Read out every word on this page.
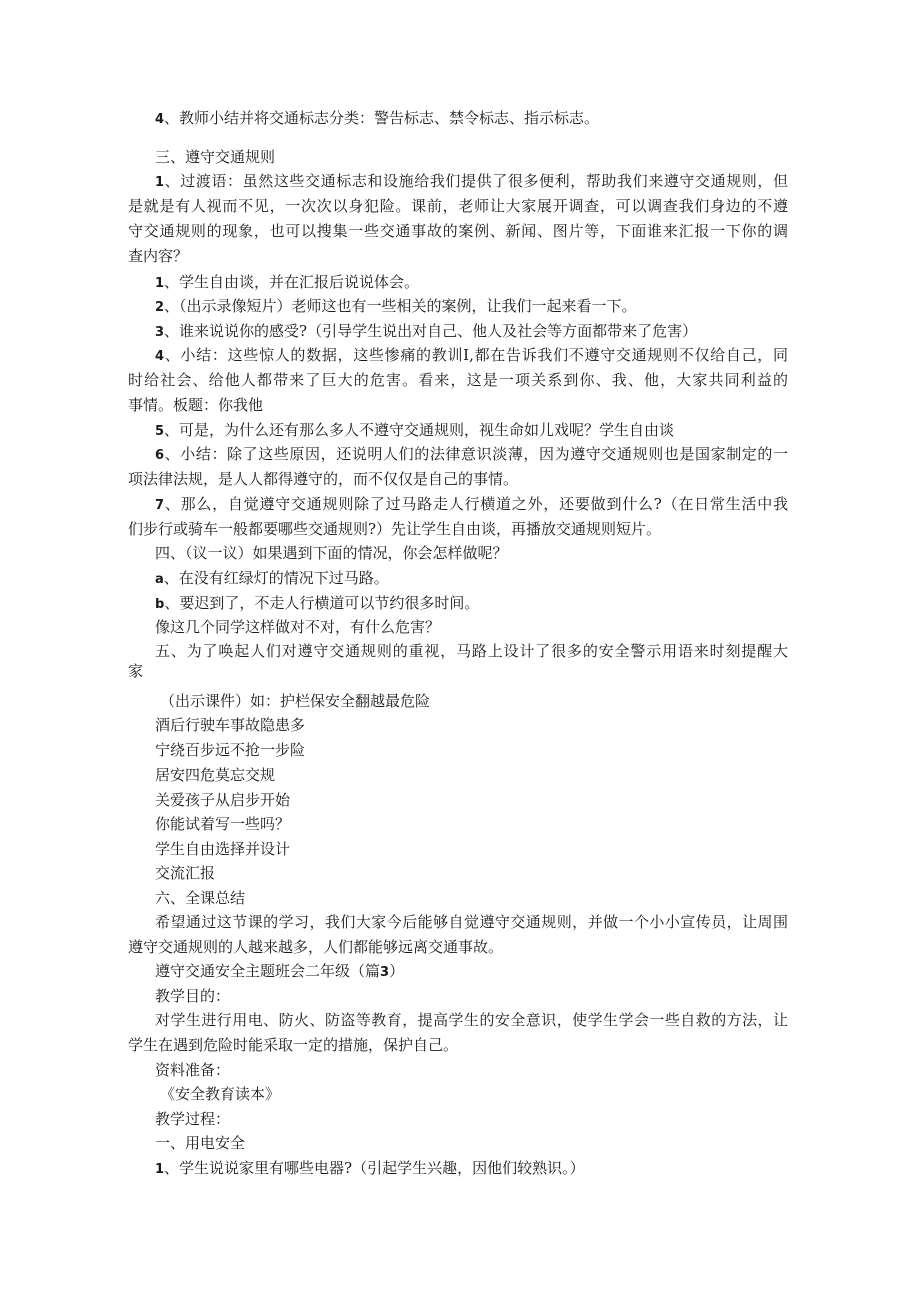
4、教师小结并将交通标志分类：警告标志、禁令标志、指示标志。
三、遵守交通规则
1、过渡语：虽然这些交通标志和设施给我们提供了很多便利，帮助我们来遵守交通规则，但
是就是有人视而不见，一次次以身犯险。课前，老师让大家展开调查，可以调查我们身边的不遵
守交通规则的现象，也可以搜集一些交通事故的案例、新闻、图片等，下面谁来汇报一下你的调
查内容？
1、学生自由谈，并在汇报后说说体会。
2、（出示录像短片）老师这也有一些相关的案例，让我们一起来看一下。
3、谁来说说你的感受?（引导学生说出对自己、他人及社会等方面都带来了危害）
4、小结：这些惊人的数据，这些惨痛的教训I,都在告诉我们不遵守交通规则不仅给自己，同
时给社会、给他人都带来了巨大的危害。看来，这是一项关系到你、我、他，大家共同利益的
事情。板题：你我他
5、可是，为什么还有那么多人不遵守交通规则，视生命如儿戏呢？学生自由谈
6、小结：除了这些原因，还说明人们的法律意识淡薄，因为遵守交通规则也是国家制定的一
项法律法规，是人人都得遵守的，而不仅仅是自己的事情。
7、那么，自觉遵守交通规则除了过马路走人行横道之外，还要做到什么?（在日常生活中我
们步行或骑车一般都要哪些交通规则?）先让学生自由谈，再播放交通规则短片。
四、（议一议）如果遇到下面的情况，你会怎样做呢？
a、在没有红绿灯的情况下过马路。
b、要迟到了，不走人行横道可以节约很多时间。
像这几个同学这样做对不对，有什么危害？
五、为了唤起人们对遵守交通规则的重视，马路上设计了很多的安全警示用语来时刻提醒大
家
（出示课件）如：护栏保安全翻越最危险
酒后行驶车事故隐患多
宁绕百步远不抢一步险
居安四危莫忘交规
关爱孩子从启步开始
你能试着写一些吗？
学生自由选择并设计
交流汇报
六、全课总结
希望通过这节课的学习，我们大家今后能够自觉遵守交通规则，并做一个小小宣传员，让周围
遵守交通规则的人越来越多，人们都能够远离交通事故。
遵守交通安全主题班会二年级（篇3）
教学目的：
对学生进行用电、防火、防盗等教育，提高学生的安全意识，使学生学会一些自救的方法，让
学生在遇到危险时能采取一定的措施，保护自己。
资料准备：
《安全教育读本》
教学过程：
一、用电安全
1、学生说说家里有哪些电器?（引起学生兴趣，因他们较熟识。）
